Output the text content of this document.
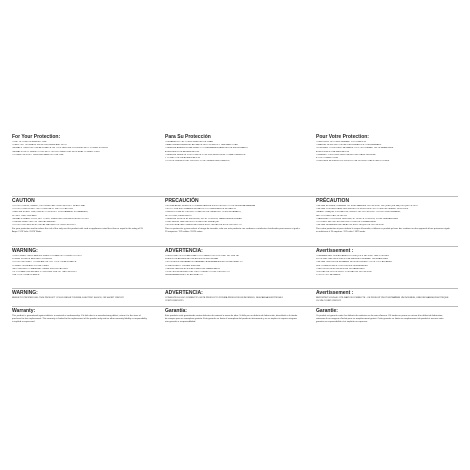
For Your Protection:
• UNIT IS CORD-OPERATED: USE
• KEEP OUT OF REACH FROM CHILDREN AND PETS
• ALWAYS TURN OFF THE APPLIANCE OR TOOL BEFORE PLUGGING INTO POWER SOURCE
• ALWAYS FULLY INSERT PLUG INTO OUTLETS AND USE WITH REAL CONNECTORS
• OTHER PRODUCT DESIGNS MAKE NOT BE USE
CAUTION
• DO NOT DRIVE, INSERT, OR OVERLOAD THIS PRODUCT IN ANY WAY
• DO NOT USE IN WET OR POTENTIALLY WET LOCATIONS
• BEFORE EVERY USE, INSPECT PRODUCT FOR DAMAGE. IF DAMAGED,
DO NOT USE; DISCARD
• ALWAYS GRASP PLUG, NOT CORD, WHEN UNPLUGGING FROM OUTLET
• USE AS DIRECTED ON THE PACKAGING
• DO NOT EXCEED ELECTRICAL RATINGS OF THIS PRODUCT
For your protection and to reduce the risk of fire only use this product with cord or appliances rated less than or equal to the rating of 15 Amps / 125 Volts / 1875 Watts.
WARNING:
• DISCONNECT APPLIANCES WHEN YOU ARE NOT USING. DO NOT
POWER SOURCE BEFORE PLUGGING
• DO NOT ATTEMPT TO REPAIR OR TRY TOOL OR APPLIANCE
CONNECTIONS AND LOOSE ITEMS
• ACCORDING TO MANUFACTURER SPECIFICATIONS
• IF YOU ARE UNCERTAIN TO PROPER USE OF THE PRODUCT
THE TOOL OR APPLIANCE
WARNING:
REFER TO PROPER USE: THIS PRODUCT COULD RESULT IN FIRE, ELECTRIC SHOCK, OR SHORT CIRCUIT.
Warranty:
This product is guaranteed against defects in material or workmanship. If it fails due to a manufacturing defect, return it to the store of purchase for free replacement. This warranty is limited to the replacement of the product only and no other warranty liability or responsibility is implied or expressed.
Para Su Protección
• DESARROLLO EL CORDÓN ANTES DE USAR
• MANTENGA FUERA DEL ALCANCE DE LOS NIÑOS Y LAS MASCOTAS
• SIEMPRE APAGUE EL ARTEFACTO O HERRAMIENTA ANTES DE ENCHUFARLO
A LA FUENTE DE ALIMENTACIÓN
• SIEMPRE INSERTE POR COMPLETO EL ENCHUFE EN EL TOMACORRIENTE
Y CONECTOR DE ALIMENTACIÓN
• OTROS DISEÑOS DEL PRODUCTO NO DEBEN SER USADOS
PRECAUCIÓN
• NO EMPALME, INSERTE O SOBRECARGUE ESTE PRODUCTO DE NINGUNA MANERA
• NO LO USE EN LUGARES MOJADOS O POSIBLEMENTE MOJADOS
• INSPECCIONE EL PRODUCTO ANTES DE CADA USO. SI ESTÁ DAÑADO,
NO LO USE; DESÉCHELO
• SIEMPRE SUJETE EL ENCHUFE, NO EL CORDÓN, PARA DESENCHUFAR
• USE SEGÚN LAS INSTRUCCIONES DEL EMPAQUE
• NO EXCEDA LAS CLASIFICACIONES ELÉCTRICAS DE ESTE PRODUCTO
Para su protección y para reducir el riesgo de incendio, solo use este producto con cordones o artefactos clasificados para menos o igual a 15 amperios / 125 voltios / 1875 vatios.
ADVERTENCIA:
• DESCONECTE LOS ARTEFACTOS CUANDO NO LOS USE. NO USE LA
FUENTE DE ALIMENTACIÓN ANTES DE ENCHUFAR
• NO INTENTE REPARAR NI CAMBIAR LA HERRAMIENTA O EL ARTEFACTO
CONEXIONES Y PIEZAS SUELTAS
• SEGÚN LAS ESPECIFICACIONES DEL FABRICANTE
• SI NO ESTÁ SEGURO DEL USO CORRECTO DEL PRODUCTO
LA HERRAMIENTA O EL ARTEFACTO
ADVERTENCIA:
CONSULTE EL USO CORRECTO: ESTE PRODUCTO PODRÍA PRODUCIR UN INCENDIO, DESCARGA ELÉCTRICA O CORTOCIRCUITO.
Garantía:
Este producto está garantizado contra defectos de material o mano de obra. Si falla por un defecto de fabricación, devuélvalo a la tienda de compra para un reemplazo gratuito. Esta garantía se limita al reemplazo del producto únicamente y no se implica ni expresa ninguna otra garantía o responsabilidad.
Pour Votre Protection:
• DÉROULEZ LE CORDON AVANT L'UTILISATION
• GARDEZ HORS DE PORTÉE DES ENFANTS ET DES ANIMAUX
• ÉTEIGNEZ TOUJOURS L'APPAREIL OU L'OUTIL AVANT DE LE BRANCHER
À LA SOURCE D'ALIMENTATION
• INSÉREZ TOUJOURS LA FICHE À FOND DANS LA PRISE
ET LE CONNECTEUR
• D'AUTRES MODÈLES DU PRODUIT NE DOIVENT PAS ÊTRE UTILISÉS
PRÉCAUTION
• NE PAS ÉPISSER, INSÉRER OU SURCHARGER CE PRODUIT DE QUELQUE FAÇON QUE CE SOIT
• NE PAS UTILISER DANS DES ENDROITS MOUILLÉS OU POTENTIELLEMENT MOUILLÉS
• AVANT CHAQUE UTILISATION, INSPECTEZ LE PRODUIT. S'IL EST ENDOMMAGÉ,
NE L'UTILISEZ PAS; JETEZ-LE
• SAISISSEZ TOUJOURS LA FICHE, ET NON LE CORDON, POUR DÉBRANCHER
• UTILISEZ SELON LES INSTRUCTIONS DE L'EMBALLAGE
• NE PAS DÉPASSER LA CAPACITÉ ÉLECTRIQUE DE CE PRODUIT
Pour votre protection et pour réduire le risque d'incendie, n'utilisez ce produit qu'avec des cordons ou des appareils d'une puissance égale ou inférieure à 15 ampères / 125 volts / 1875 watts.
Avertissement :
• DÉBRANCHEZ LES APPAREILS LORSQU'ILS NE SONT PAS UTILISÉS.
N'UTILISEZ PAS LA SOURCE D'ALIMENTATION AVANT DE BRANCHER
• NE PAS TENTER DE RÉPARER NI DE MODIFIER L'OUTIL OU L'APPAREIL
LES CONNEXIONS ET LES PIÈCES DESSERRÉES
• SELON LES SPÉCIFICATIONS DU FABRICANT
• EN CAS DE DOUTE SUR L'UTILISATION DU PRODUIT
L'OUTIL OU L'APPAREIL
Avertissement :
REPORTEZ-VOUS À L'UTILISATION CORRECTE : CE PRODUIT PEUT ENTRAÎNER UN INCENDIE, UNE DÉCHARGE ÉLECTRIQUE OU UN COURT-CIRCUIT.
Garantie:
Ce produit est garanti contre les défauts de matériau ou de main-d'œuvre. S'il tombe en panne en raison d'un défaut de fabrication, retournez-le au magasin d'achat pour un remplacement gratuit. Cette garantie se limite au remplacement du produit et aucune autre garantie ou responsabilité n'est implicite ou expresse.
